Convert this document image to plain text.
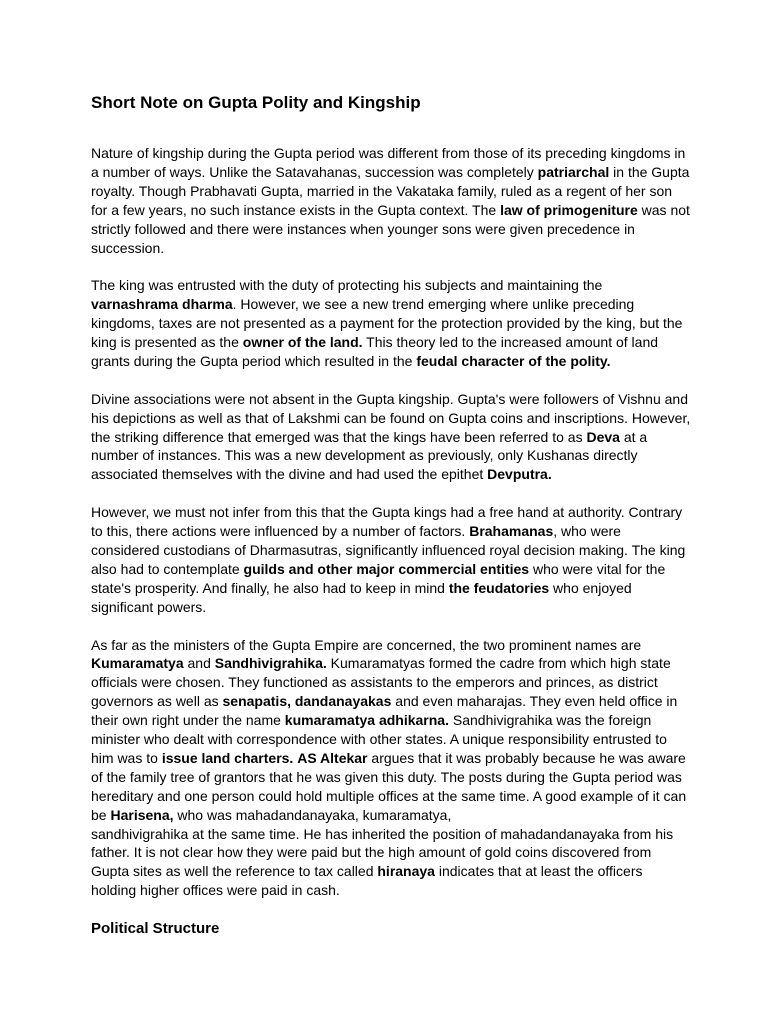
Short Note on Gupta Polity and Kingship

Nature of kingship during the Gupta period was different from those of its preceding kingdoms in a number of ways. Unlike the Satavahanas, succession was completely patriarchal in the Gupta royalty. Though Prabhavati Gupta, married in the Vakataka family, ruled as a regent of her son for a few years, no such instance exists in the Gupta context. The law of primogeniture was not strictly followed and there were instances when younger sons were given precedence in succession.

The king was entrusted with the duty of protecting his subjects and maintaining the varnashrama dharma. However, we see a new trend emerging where unlike preceding kingdoms, taxes are not presented as a payment for the protection provided by the king, but the king is presented as the owner of the land. This theory led to the increased amount of land grants during the Gupta period which resulted in the feudal character of the polity.

Divine associations were not absent in the Gupta kingship. Gupta's were followers of Vishnu and his depictions as well as that of Lakshmi can be found on Gupta coins and inscriptions. However, the striking difference that emerged was that the kings have been referred to as Deva at a number of instances. This was a new development as previously, only Kushanas directly associated themselves with the divine and had used the epithet Devputra.

However, we must not infer from this that the Gupta kings had a free hand at authority. Contrary to this, there actions were influenced by a number of factors. Brahamanas, who were considered custodians of Dharmasutras, significantly influenced royal decision making. The king also had to contemplate guilds and other major commercial entities who were vital for the state's prosperity. And finally, he also had to keep in mind the feudatories who enjoyed significant powers.

As far as the ministers of the Gupta Empire are concerned, the two prominent names are Kumaramatya and Sandhivigrahika. Kumaramatyas formed the cadre from which high state officials were chosen. They functioned as assistants to the emperors and princes, as district governors as well as senapatis, dandanayakas and even maharajas. They even held office in their own right under the name kumaramatya adhikarna. Sandhivigrahika was the foreign minister who dealt with correspondence with other states. A unique responsibility entrusted to him was to issue land charters. AS Altekar argues that it was probably because he was aware of the family tree of grantors that he was given this duty. The posts during the Gupta period was hereditary and one person could hold multiple offices at the same time. A good example of it can be Harisena, who was mahadandanayaka, kumaramatya,
sandhivigrahika at the same time. He has inherited the position of mahadandanayaka from his father. It is not clear how they were paid but the high amount of gold coins discovered from Gupta sites as well the reference to tax called hiranaya indicates that at least the officers holding higher offices were paid in cash.

Political Structure
